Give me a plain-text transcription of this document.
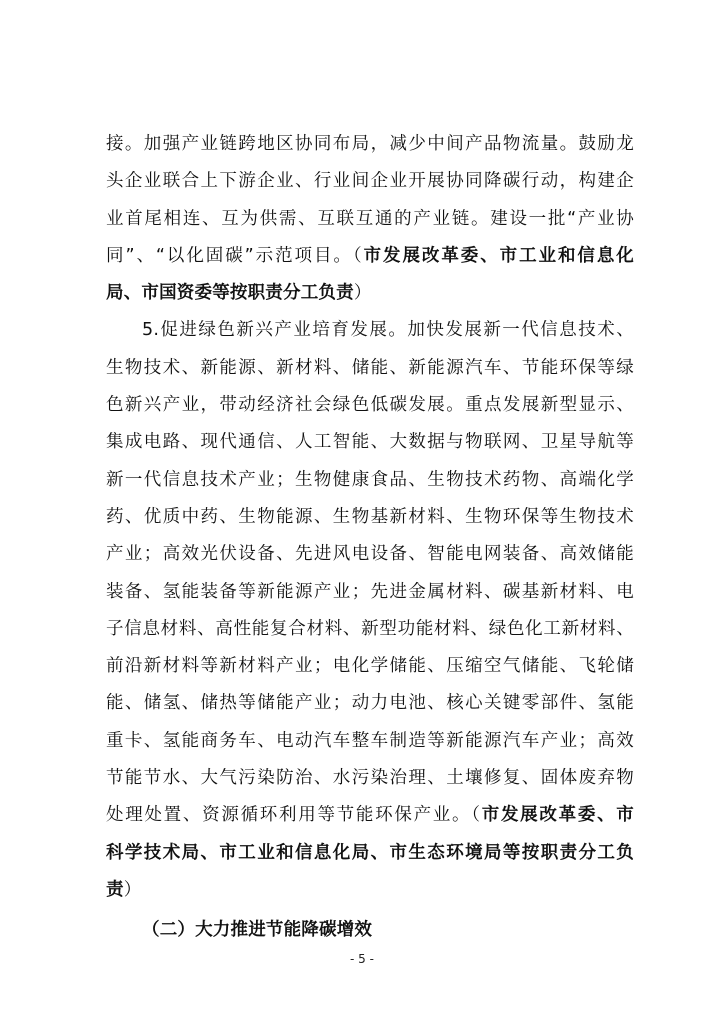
接。加强产业链跨地区协同布局，减少中间产品物流量。鼓励龙
头企业联合上下游企业、行业间企业开展协同降碳行动，构建企
业首尾相连、互为供需、互联互通的产业链。建设一批“产业协
同”、“以化固碳”示范项目。（市发展改革委、市工业和信息化
局、市国资委等按职责分工负责）
5.促进绿色新兴产业培育发展。加快发展新一代信息技术、
生物技术、新能源、新材料、储能、新能源汽车、节能环保等绿
色新兴产业，带动经济社会绿色低碳发展。重点发展新型显示、
集成电路、现代通信、人工智能、大数据与物联网、卫星导航等
新一代信息技术产业；生物健康食品、生物技术药物、高端化学
药、优质中药、生物能源、生物基新材料、生物环保等生物技术
产业；高效光伏设备、先进风电设备、智能电网装备、高效储能
装备、氢能装备等新能源产业；先进金属材料、碳基新材料、电
子信息材料、高性能复合材料、新型功能材料、绿色化工新材料、
前沿新材料等新材料产业；电化学储能、压缩空气储能、飞轮储
能、储氢、储热等储能产业；动力电池、核心关键零部件、氢能
重卡、氢能商务车、电动汽车整车制造等新能源汽车产业；高效
节能节水、大气污染防治、水污染治理、土壤修复、固体废弃物
处理处置、资源循环利用等节能环保产业。（市发展改革委、市
科学技术局、市工业和信息化局、市生态环境局等按职责分工负
责）
（二）大力推进节能降碳增效
- 5 -
